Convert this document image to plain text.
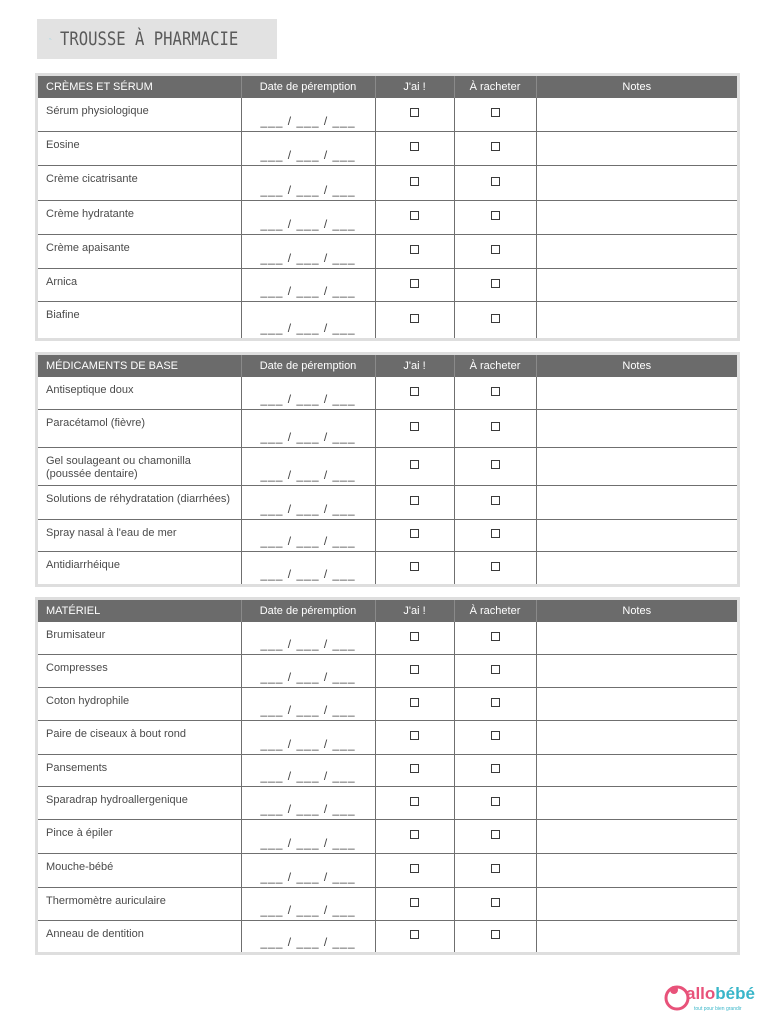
TROUSSE À PHARMACIE
CRÈMES ET SÉRUM	Date de péremption	J'ai !	À racheter	Notes
Sérum physiologique	___ / ___ / ___			
Eosine	___ / ___ / ___			
Crème cicatrisante	___ / ___ / ___			
Crème hydratante	___ / ___ / ___			
Crème apaisante	___ / ___ / ___			
Arnica	___ / ___ / ___			
Biafine	___ / ___ / ___			
MÉDICAMENTS DE BASE	Date de péremption	J'ai !	À racheter	Notes
Antiseptique doux	___ / ___ / ___			
Paracétamol (fièvre)	___ / ___ / ___			
Gel soulageant ou chamonilla (poussée dentaire)	___ / ___ / ___			
Solutions de réhydratation (diarrhées)	___ / ___ / ___			
Spray nasal à l'eau de mer	___ / ___ / ___			
Antidiarrhéique	___ / ___ / ___			
MATÉRIEL	Date de péremption	J'ai !	À racheter	Notes
Brumisateur	___ / ___ / ___			
Compresses	___ / ___ / ___			
Coton hydrophile	___ / ___ / ___			
Paire de ciseaux à bout rond	___ / ___ / ___			
Pansements	___ / ___ / ___			
Sparadrap hydroallergenique	___ / ___ / ___			
Pince à épiler	___ / ___ / ___			
Mouche-bébé	___ / ___ / ___			
Thermomètre auriculaire	___ / ___ / ___			
Anneau de dentition	___ / ___ / ___			
allobébé
tout pour bien grandir
